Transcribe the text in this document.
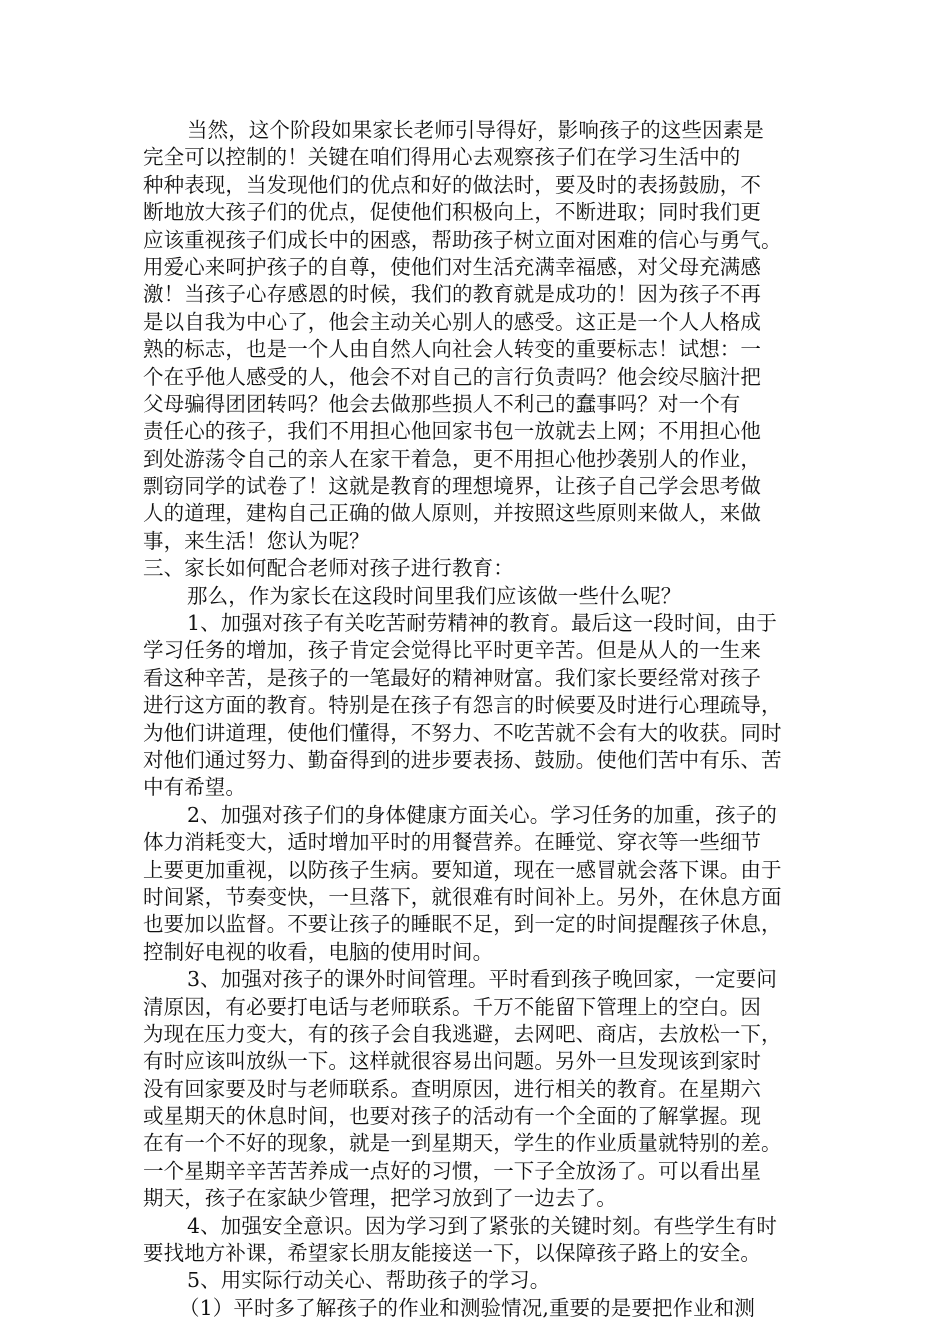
当然，这个阶段如果家长老师引导得好，影响孩子的这些因素是
完全可以控制的！关键在咱们得用心去观察孩子们在学习生活中的
种种表现，当发现他们的优点和好的做法时，要及时的表扬鼓励，不
断地放大孩子们的优点，促使他们积极向上，不断进取；同时我们更
应该重视孩子们成长中的困惑，帮助孩子树立面对困难的信心与勇气。
用爱心来呵护孩子的自尊，使他们对生活充满幸福感，对父母充满感
激！当孩子心存感恩的时候，我们的教育就是成功的！因为孩子不再
是以自我为中心了，他会主动关心别人的感受。这正是一个人人格成
熟的标志，也是一个人由自然人向社会人转变的重要标志！试想：一
个在乎他人感受的人，他会不对自己的言行负责吗？他会绞尽脑汁把
父母骗得团团转吗？他会去做那些损人不利己的蠢事吗？对一个有
责任心的孩子，我们不用担心他回家书包一放就去上网；不用担心他
到处游荡令自己的亲人在家干着急，更不用担心他抄袭别人的作业，
剽窃同学的试卷了！这就是教育的理想境界，让孩子自己学会思考做
人的道理，建构自己正确的做人原则，并按照这些原则来做人，来做
事，来生活！您认为呢？
三、家长如何配合老师对孩子进行教育：
那么，作为家长在这段时间里我们应该做一些什么呢？
1、加强对孩子有关吃苦耐劳精神的教育。最后这一段时间，由于
学习任务的增加，孩子肯定会觉得比平时更辛苦。但是从人的一生来
看这种辛苦，是孩子的一笔最好的精神财富。我们家长要经常对孩子
进行这方面的教育。特别是在孩子有怨言的时候要及时进行心理疏导，
为他们讲道理，使他们懂得，不努力、不吃苦就不会有大的收获。同时
对他们通过努力、勤奋得到的进步要表扬、鼓励。使他们苦中有乐、苦
中有希望。
2、加强对孩子们的身体健康方面关心。学习任务的加重，孩子的
体力消耗变大，适时增加平时的用餐营养。在睡觉、穿衣等一些细节
上要更加重视，以防孩子生病。要知道，现在一感冒就会落下课。由于
时间紧，节奏变快，一旦落下，就很难有时间补上。另外，在休息方面
也要加以监督。不要让孩子的睡眠不足，到一定的时间提醒孩子休息，
控制好电视的收看，电脑的使用时间。
3、加强对孩子的课外时间管理。平时看到孩子晚回家，一定要问
清原因，有必要打电话与老师联系。千万不能留下管理上的空白。因
为现在压力变大，有的孩子会自我逃避，去网吧、商店，去放松一下，
有时应该叫放纵一下。这样就很容易出问题。另外一旦发现该到家时
没有回家要及时与老师联系。查明原因，进行相关的教育。在星期六
或星期天的休息时间，也要对孩子的活动有一个全面的了解掌握。现
在有一个不好的现象，就是一到星期天，学生的作业质量就特别的差。
一个星期辛辛苦苦养成一点好的习惯，一下子全放汤了。可以看出星
期天，孩子在家缺少管理，把学习放到了一边去了。
4、加强安全意识。因为学习到了紧张的关键时刻。有些学生有时
要找地方补课，希望家长朋友能接送一下，以保障孩子路上的安全。
5、用实际行动关心、帮助孩子的学习。
（1）平时多了解孩子的作业和测验情况,重要的是要把作业和测
